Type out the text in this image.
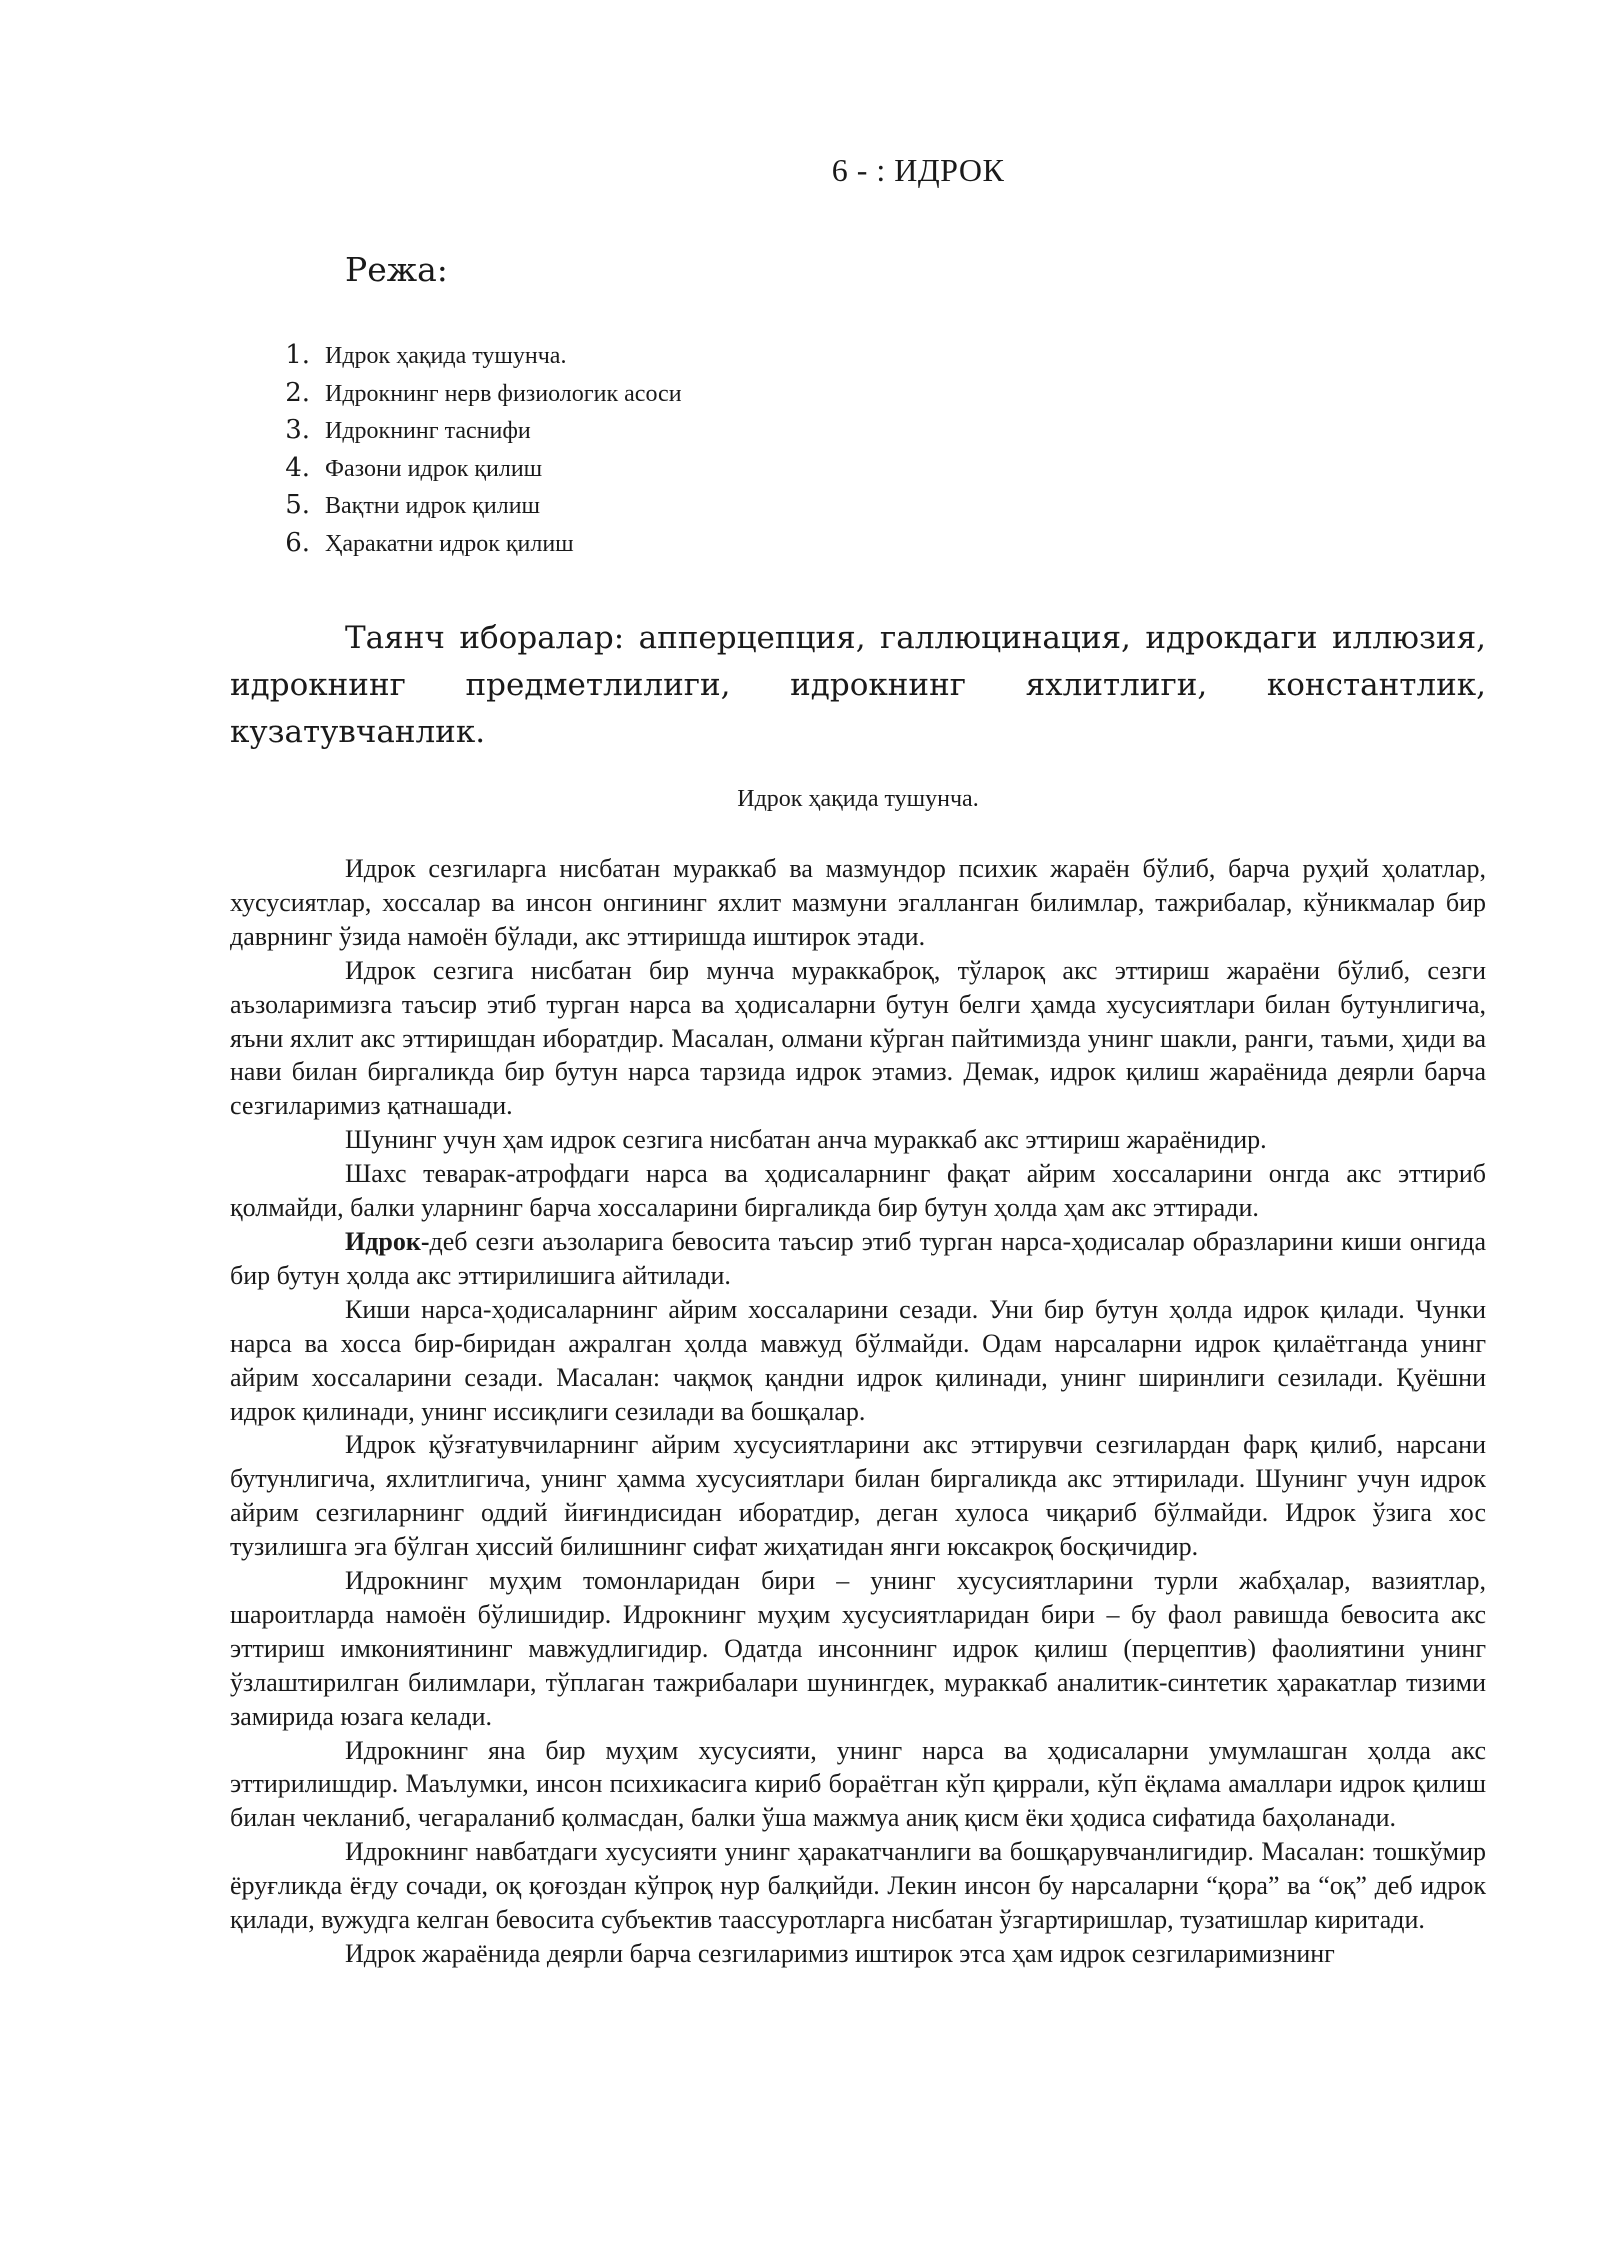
6 - : ИДРОК
Режа:
1. Идрок ҳақида тушунча.
2. Идрокнинг нерв физиологик асоси
3. Идрокнинг таснифи
4. Фазони идрок қилиш
5. Вақтни идрок қилиш
6. Ҳаракатни идрок қилиш

Таянч иборалар: апперцепция, галлюцинация, идрокдаги иллюзия, идрокнинг предметлилиги, идрокнинг яхлитлиги, константлик, кузатувчанлик.

Идрок ҳақида тушунча.

Идрок сезгиларга нисбатан мураккаб ва мазмундор психик жараён бўлиб, барча руҳий ҳолатлар, хусусиятлар, хоссалар ва инсон онгининг яхлит мазмуни эгалланган билимлар, тажрибалар, кўникмалар бир даврнинг ўзида намоён бўлади, акс эттиришда иштирок этади.

Идрок сезгига нисбатан бир мунча мураккаброқ, тўлароқ акс эттириш жараёни бўлиб, сезги аъзоларимизга таъсир этиб турган нарса ва ҳодисаларни бутун белги ҳамда хусусиятлари билан бутунлигича, яъни яхлит акс эттиришдан иборатдир. Масалан, олмани кўрган пайтимизда унинг шакли, ранги, таъми, ҳиди ва нави билан биргаликда бир бутун нарса тарзида идрок этамиз. Демак, идрок қилиш жараёнида деярли барча сезгиларимиз қатнашади.

Шунинг учун ҳам идрок сезгига нисбатан анча мураккаб акс эттириш жараёнидир.

Шахс теварак-атрофдаги нарса ва ҳодисаларнинг фақат айрим хоссаларини онгда акс эттириб қолмайди, балки уларнинг барча хоссаларини биргаликда бир бутун ҳолда ҳам акс эттиради.

Идрок-деб сезги аъзоларига бевосита таъсир этиб турган нарса-ҳодисалар образларини киши онгида бир бутун ҳолда акс эттирилишига айтилади.

Киши нарса-ҳодисаларнинг айрим хоссаларини сезади. Уни бир бутун ҳолда идрок қилади. Чунки нарса ва хосса бир-биридан ажралган ҳолда мавжуд бўлмайди. Одам нарсаларни идрок қилаётганда унинг айрим хоссаларини сезади. Масалан: чақмоқ қандни идрок қилинади, унинг ширинлиги сезилади. Қуёшни идрок қилинади, унинг иссиқлиги сезилади ва бошқалар.

Идрок қўзғатувчиларнинг айрим хусусиятларини акс эттирувчи сезгилардан фарқ қилиб, нарсани бутунлигича, яхлитлигича, унинг ҳамма хусусиятлари билан биргаликда акс эттирилади. Шунинг учун идрок айрим сезгиларнинг оддий йиғиндисидан иборатдир, деган хулоса чиқариб бўлмайди. Идрок ўзига хос тузилишга эга бўлган ҳиссий билишнинг сифат жиҳатидан янги юксакроқ босқичидир.

Идрокнинг муҳим томонларидан бири – унинг хусусиятларини турли жабҳалар, вазиятлар, шароитларда намоён бўлишидир. Идрокнинг муҳим хусусиятларидан бири – бу фаол равишда бевосита акс эттириш имкониятининг мавжудлигидир. Одатда инсоннинг идрок қилиш (перцептив) фаолиятини унинг ўзлаштирилган билимлари, тўплаган тажрибалари шунингдек, мураккаб аналитик-синтетик ҳаракатлар тизими замирида юзага келади.

Идрокнинг яна бир муҳим хусусияти, унинг нарса ва ҳодисаларни умумлашган ҳолда акс эттирилишдир. Маълумки, инсон психикасига кириб бораётган кўп қиррали, кўп ёқлама амаллари идрок қилиш билан чекланиб, чегараланиб қолмасдан, балки ўша мажмуа аниқ қисм ёки ҳодиса сифатида баҳоланади.

Идрокнинг навбатдаги хусусияти унинг ҳаракатчанлиги ва бошқарувчанлигидир. Масалан: тошкўмир ёруғликда ёғду сочади, оқ қоғоздан кўпроқ нур балқийди. Лекин инсон бу нарсаларни “қора” ва “оқ” деб идрок қилади, вужудга келган бевосита субъектив таассуротларга нисбатан ўзгартиришлар, тузатишлар киритади.

Идрок жараёнида деярли барча сезгиларимиз иштирок этса ҳам идрок сезгиларимизнинг
